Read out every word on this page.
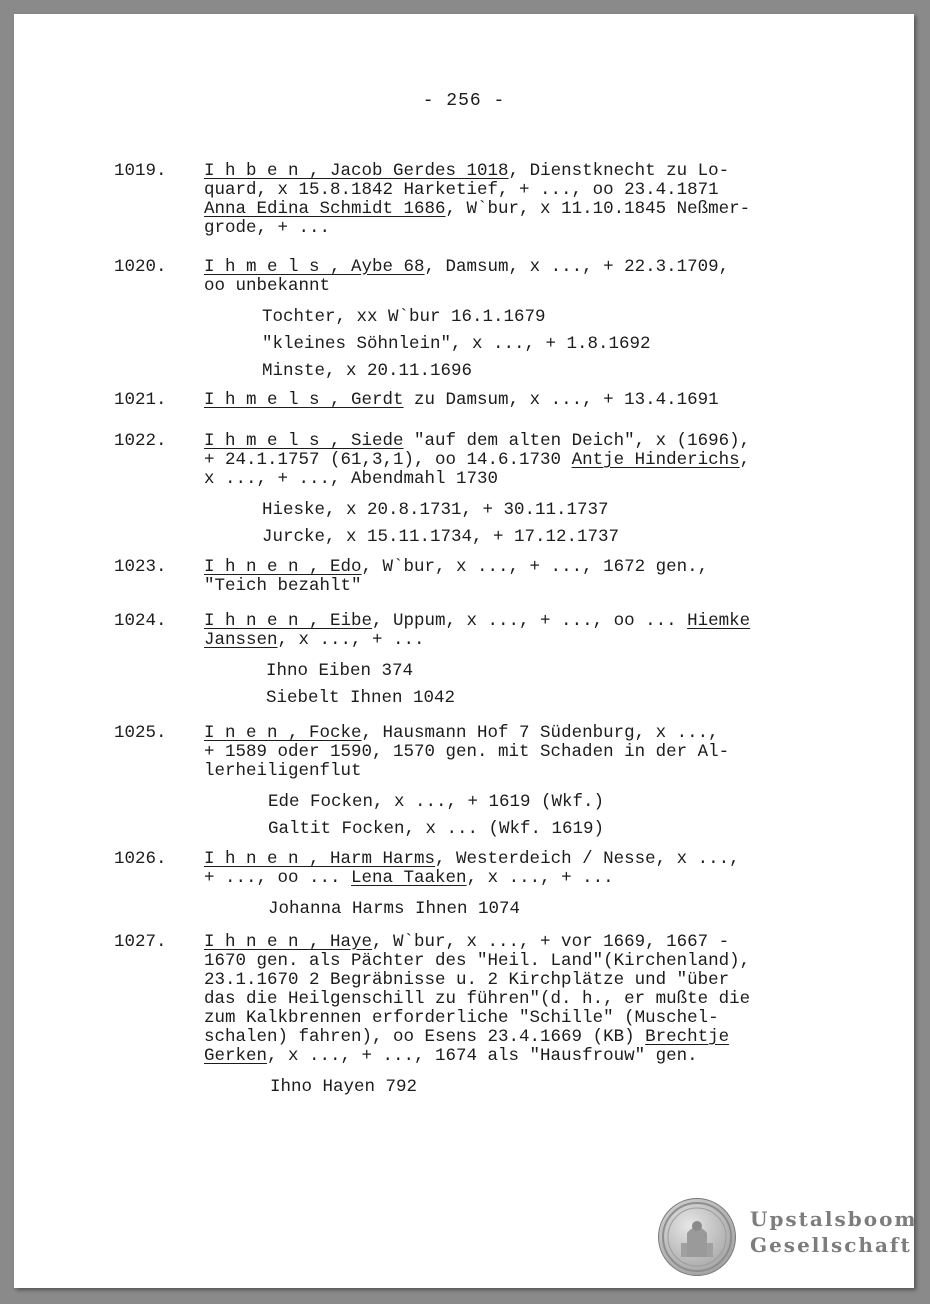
- 256 -
1019.	I h b e n , Jacob Gerdes 1018, Dienstknecht zu Lo-
quard, x 15.8.1842 Harketief, + ..., oo 23.4.1871
Anna Edina Schmidt 1686, W`bur, x 11.10.1845 Neßmer-
grode, + ...
1020.	I h m e l s , Aybe 68, Damsum, x ..., + 22.3.1709,
oo unbekannt
Tochter, xx W`bur 16.1.1679
"kleines Söhnlein", x ..., + 1.8.1692
Minste, x 20.11.1696
1021.	I h m e l s , Gerdt zu Damsum, x ..., + 13.4.1691
1022.	I h m e l s , Siede "auf dem alten Deich", x (1696),
+ 24.1.1757 (61,3,1), oo 14.6.1730 Antje Hinderichs,
x ..., + ..., Abendmahl 1730
Hieske, x 20.8.1731, + 30.11.1737
Jurcke, x 15.11.1734, + 17.12.1737
1023.	I h n e n , Edo, W`bur, x ..., + ..., 1672 gen.,
"Teich bezahlt"
1024.	I h n e n , Eibe, Uppum, x ..., + ..., oo ... Hiemke
Janssen, x ..., + ...
Ihno Eiben 374
Siebelt Ihnen 1042
1025.	I n e n , Focke, Hausmann Hof 7 Südenburg, x ...,
+ 1589 oder 1590, 1570 gen. mit Schaden in der Al-
lerheiligenflut
Ede Focken, x ..., + 1619 (Wkf.)
Galtit Focken, x ... (Wkf. 1619)
1026.	I h n e n , Harm Harms, Westerdeich / Nesse, x ...,
+ ..., oo ... Lena Taaken, x ..., + ...
Johanna Harms Ihnen 1074
1027.	I h n e n , Haye, W`bur, x ..., + vor 1669, 1667 -
1670 gen. als Pächter des "Heil. Land"(Kirchenland),
23.1.1670 2 Begräbnisse u. 2 Kirchplätze und "über
das die Heilgenschill zu führen"(d. h., er mußte die
zum Kalkbrennen erforderliche "Schille" (Muschel-
schalen) fahren), oo Esens 23.4.1669 (KB) Brechtje
Gerken, x ..., + ..., 1674 als "Hausfrouw" gen.
Ihno Hayen 792
Upstalsboom
Gesellschaft
